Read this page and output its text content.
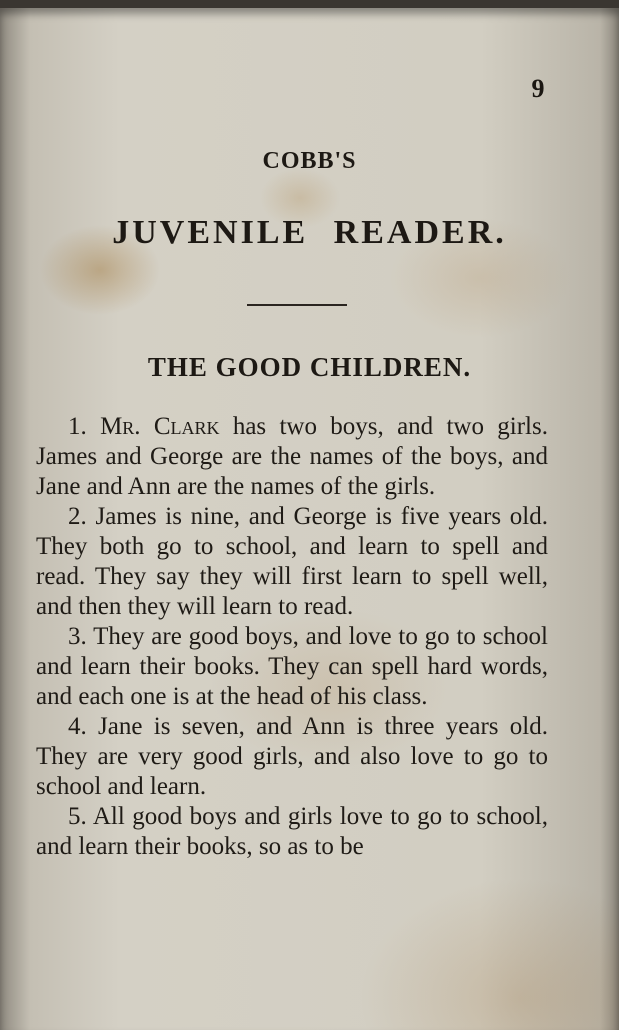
9
COBB'S
JUVENILE READER.
THE GOOD CHILDREN.

1. Mr. Clark has two boys, and two girls. James and George are the names of the boys, and Jane and Ann are the names of the girls.

2. James is nine, and George is five years old. They both go to school, and learn to spell and read. They say they will first learn to spell well, and then they will learn to read.

3. They are good boys, and love to go to school and learn their books. They can spell hard words, and each one is at the head of his class.

4. Jane is seven, and Ann is three years old. They are very good girls, and also love to go to school and learn.

5. All good boys and girls love to go to school, and learn their books, so as to be
